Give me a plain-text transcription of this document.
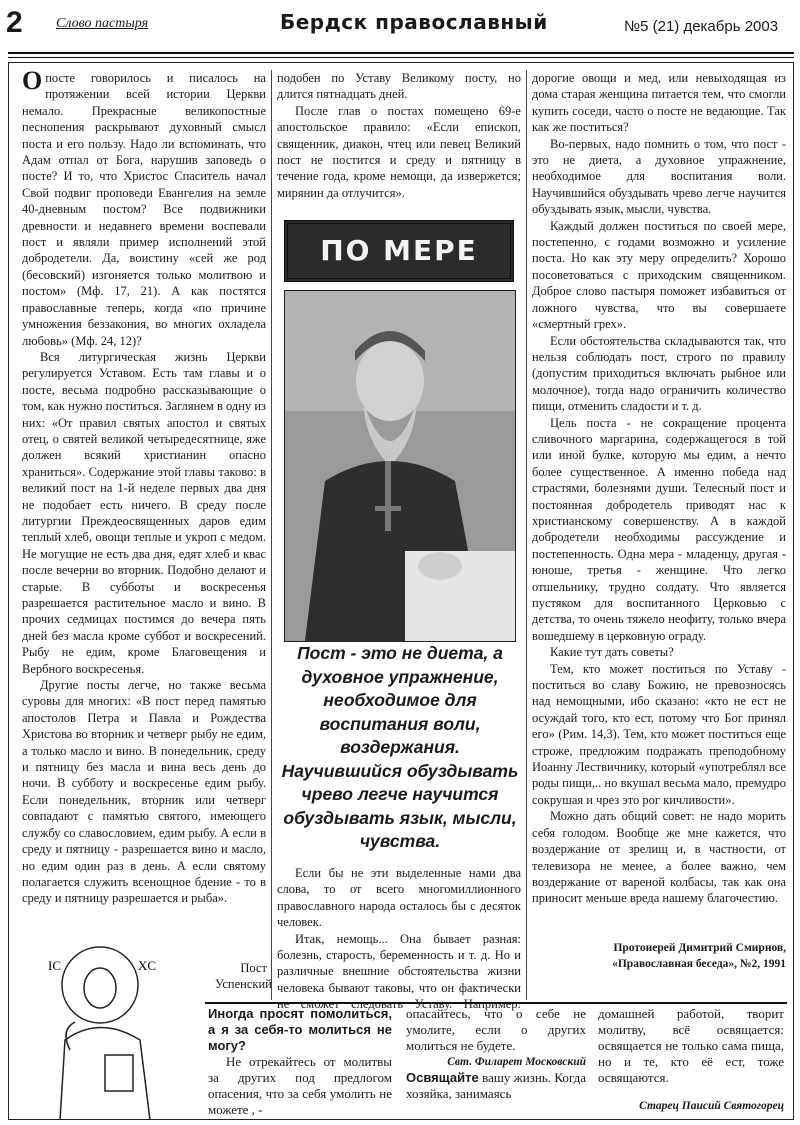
2 Слово пастыря	Бердск православный	№5 (21) декабрь 2003

Опосте говорилось и писалось на протяжении всей истории Церкви немало. Прекрасные великопостные песнопения раскрывают духовный смысл поста и его пользу. Надо ли вспоминать, что Адам отпал от Бога, нарушив заповедь о посте? И то, что Христос Спаситель начал Свой подвиг проповеди Евангелия на земле 40-дневным постом? Все подвижники древности и недавнего времени воспевали пост и являли пример исполнений этой добродетели. Да, воистину «сей же род (бесовский) изгоняется только молитвою и постом» (Мф. 17, 21). А как постятся православные теперь, когда «по причине умножения беззакония, во многих охладела любовь» (Мф. 24, 12)?

Вся литургическая жизнь Церкви регулируется Уставом. Есть там главы и о посте, весьма подробно рассказывающие о том, как нужно поститься. Заглянем в одну из них: «От правил святых апостол и святых отец, о святей великой четыредесятнице, яже должен всякий христианин опасно храниться». Содержание этой главы таково: в великий пост на 1-й неделе первых два дня не подобает есть ничего. В среду после литургии Преждеосвященных даров едим теплый хлеб, овощи теплые и укроп с медом. Не могущие не есть два дня, едят хлеб и квас после вечерни во вторник. Подобно делают и старые. В субботы и воскресенья разрешается растительное масло и вино. В прочих седмицах постимся до вечера пять дней без масла кроме суббот и воскресений. Рыбу не едим, кроме Благовещения и Вербного воскресенья.

Другие посты легче, но также весьма суровы для многих: «В пост перед памятью апостолов Петра и Павла и Рождества Христова во вторник и четверг рыбу не едим, а только масло и вино. В понедельник, среду и пятницу без масла и вина весь день до ночи. В субботу и воскресенье едим рыбу. Если понедельник, вторник или четверг совпадают с памятью святого, имеющего службу со славословием, едим рыбу. А если в среду и пятницу - разрешается вино и масло, но едим один раз в день. А если святому полагается служить всенощное бдение - то в среду и пятницу разрешается и рыба».

подобен по Уставу Великому посту, но длится пятнадцать дней.

После глав о постах помещено 69-е апостольское правило: «Если епископ, священник, диакон, чтец или певец Великий пост не постится и среду и пятницу в течение года, кроме немощи, да извержется; мирянин да отлучится».

ПО МЕРЕ
Пост - это не диета, а духовное упражнение, необходимое для воспитания воли, воздержания. Научившийся обуздывать чрево легче научится обуздывать язык, мысли, чувства.

Если бы не эти выделенные нами два слова, то от всего многомиллионного православного народа осталось бы с десяток человек.

Итак, немощь... Она бывает разная: болезнь, старость, беременность и т. д. Но и различные внешние обстоятельства жизни человека бывают таковы, что он фактически не сможет следовать Уставу. Например:

дорогие овощи и мед, или невыходящая из дома старая женщина питается тем, что смогли купить соседи, часто о посте не ведающие. Так как же поститься?

Во-первых, надо помнить о том, что пост - это не диета, а духовное упражнение, необходимое для воспитания воли. Научившийся обуздывать чрево легче научится обуздывать язык, мысли, чувства.

Каждый должен поститься по своей мере, постепенно, с годами возможно и усиление поста. Но как эту меру определить? Хорошо посоветоваться с приходским священником. Доброе слово пастыря поможет избавиться от ложного чувства, что вы совершаете «смертный грех».

Если обстоятельства складываются так, что нельзя соблюдать пост, строго по правилу (допустим приходиться включать рыбное или молочное), тогда надо ограничить количество пищи, отменить сладости и т. д.

Цель поста - не сокращение процента сливочного маргарина, содержащегося в той или иной булке, которую мы едим, а нечто более существенное. А именно победа над страстями, болезнями души. Телесный пост и постоянная добродетель приводят нас к христианскому совершенству. А в каждой добродетели необходимы рассуждение и постепенность. Одна мера - младенцу, другая - юноше, третья - женщине. Что легко отшельнику, трудно солдату. Что является пустяком для воспитанного Церковью с детства, то очень тяжело неофиту, только вчера вошедшему в церковную ограду.

Какие тут дать советы?

Тем, кто может поститься по Уставу - поститься во славу Божию, не превозносясь над немощными, ибо сказано: «кто не ест не осуждай того, кто ест, потому что Бог принял его» (Рим. 14,3). Тем, кто может поститься еще строже, предложим подражать преподобному Иоанну Лествичнику, который «употреблял все роды пищи,.. но вкушал весьма мало, премудро сокрушая и чрез это рог кичливости».

Можно дать общий совет: не надо морить себя голодом. Вообще же мне кажется, что воздержание от зрелищ и, в частности, от телевизора не менее, а более важно, чем воздержание от вареной колбасы, так как она приносит меньше вреда нашему благочестию.

Протоиерей Димитрий Смирнов,
«Православная беседа», №2, 1991
Пост
Успенский
IC	XC

Иногда просят помолиться, а я за себя-то молиться не могу?

Не отрекайтесь от молитвы за других под предлогом опасения, что за себя умолить не можете , -

опасайтесь, что о себе не умолите, если о других молиться не будете.

Свт. Филарет Московский

Освящайте вашу жизнь. Когда хозяйка, занимаясь

домашней работой, творит молитву, всё освящается: освящается не только сама пища, но и те, кто её ест, тоже освящаются.

Старец Паисий Святогорец
